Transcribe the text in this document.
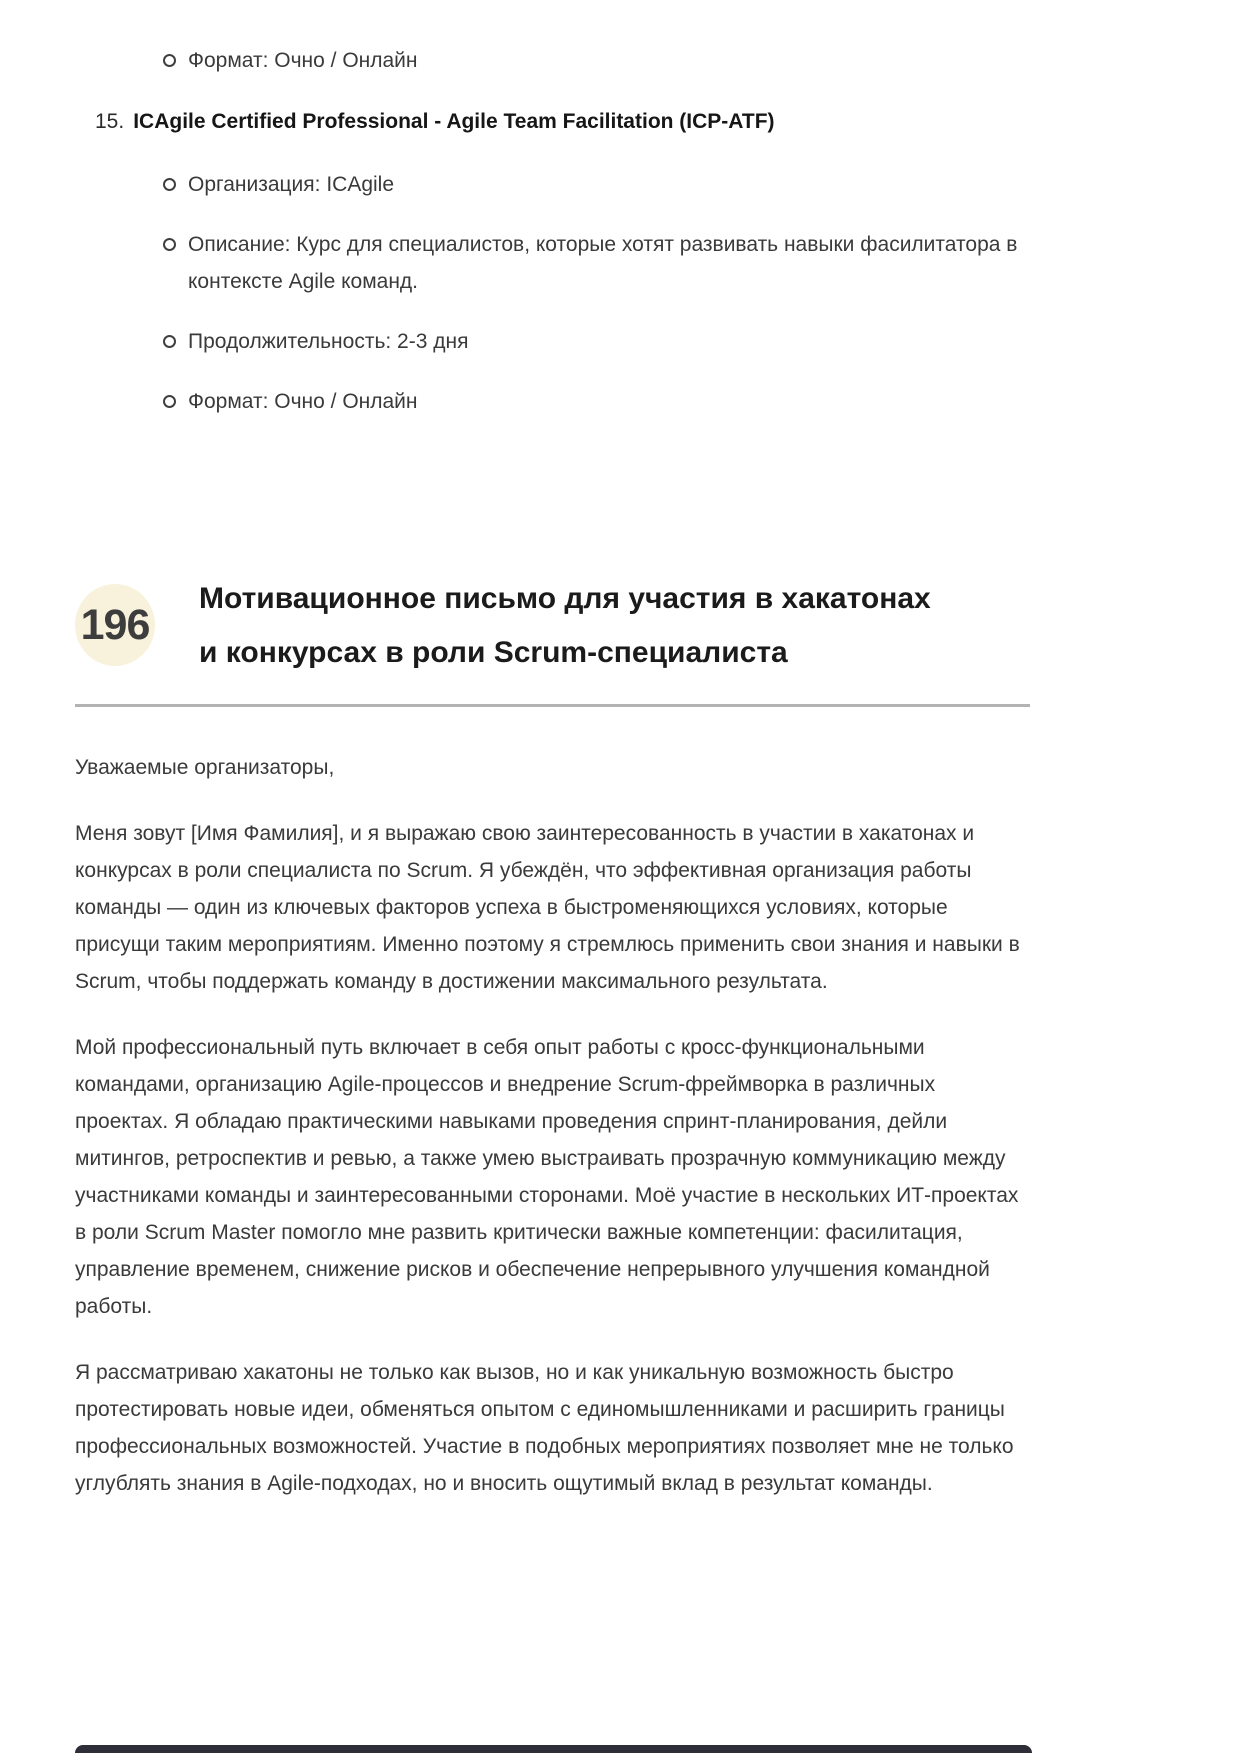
Формат: Очно / Онлайн
15. ICAgile Certified Professional - Agile Team Facilitation (ICP-ATF)
Организация: ICAgile
Описание: Курс для специалистов, которые хотят развивать навыки фасилитатора в контексте Agile команд.
Продолжительность: 2-3 дня
Формат: Очно / Онлайн
196
Мотивационное письмо для участия в хакатонах
и конкурсах в роли Scrum-специалиста

Уважаемые организаторы,

Меня зовут [Имя Фамилия], и я выражаю свою заинтересованность в участии в хакатонах и конкурсах в роли специалиста по Scrum. Я убеждён, что эффективная организация работы команды — один из ключевых факторов успеха в быстроменяющихся условиях, которые присущи таким мероприятиям. Именно поэтому я стремлюсь применить свои знания и навыки в Scrum, чтобы поддержать команду в достижении максимального результата.

Мой профессиональный путь включает в себя опыт работы с кросс-функциональными командами, организацию Agile-процессов и внедрение Scrum-фреймворка в различных проектах. Я обладаю практическими навыками проведения спринт-планирования, дейли митингов, ретроспектив и ревью, а также умею выстраивать прозрачную коммуникацию между участниками команды и заинтересованными сторонами. Моё участие в нескольких ИТ-проектах в роли Scrum Master помогло мне развить критически важные компетенции: фасилитация, управление временем, снижение рисков и обеспечение непрерывного улучшения командной работы.

Я рассматриваю хакатоны не только как вызов, но и как уникальную возможность быстро протестировать новые идеи, обменяться опытом с единомышленниками и расширить границы профессиональных возможностей. Участие в подобных мероприятиях позволяет мне не только углублять знания в Agile-подходах, но и вносить ощутимый вклад в результат команды.
